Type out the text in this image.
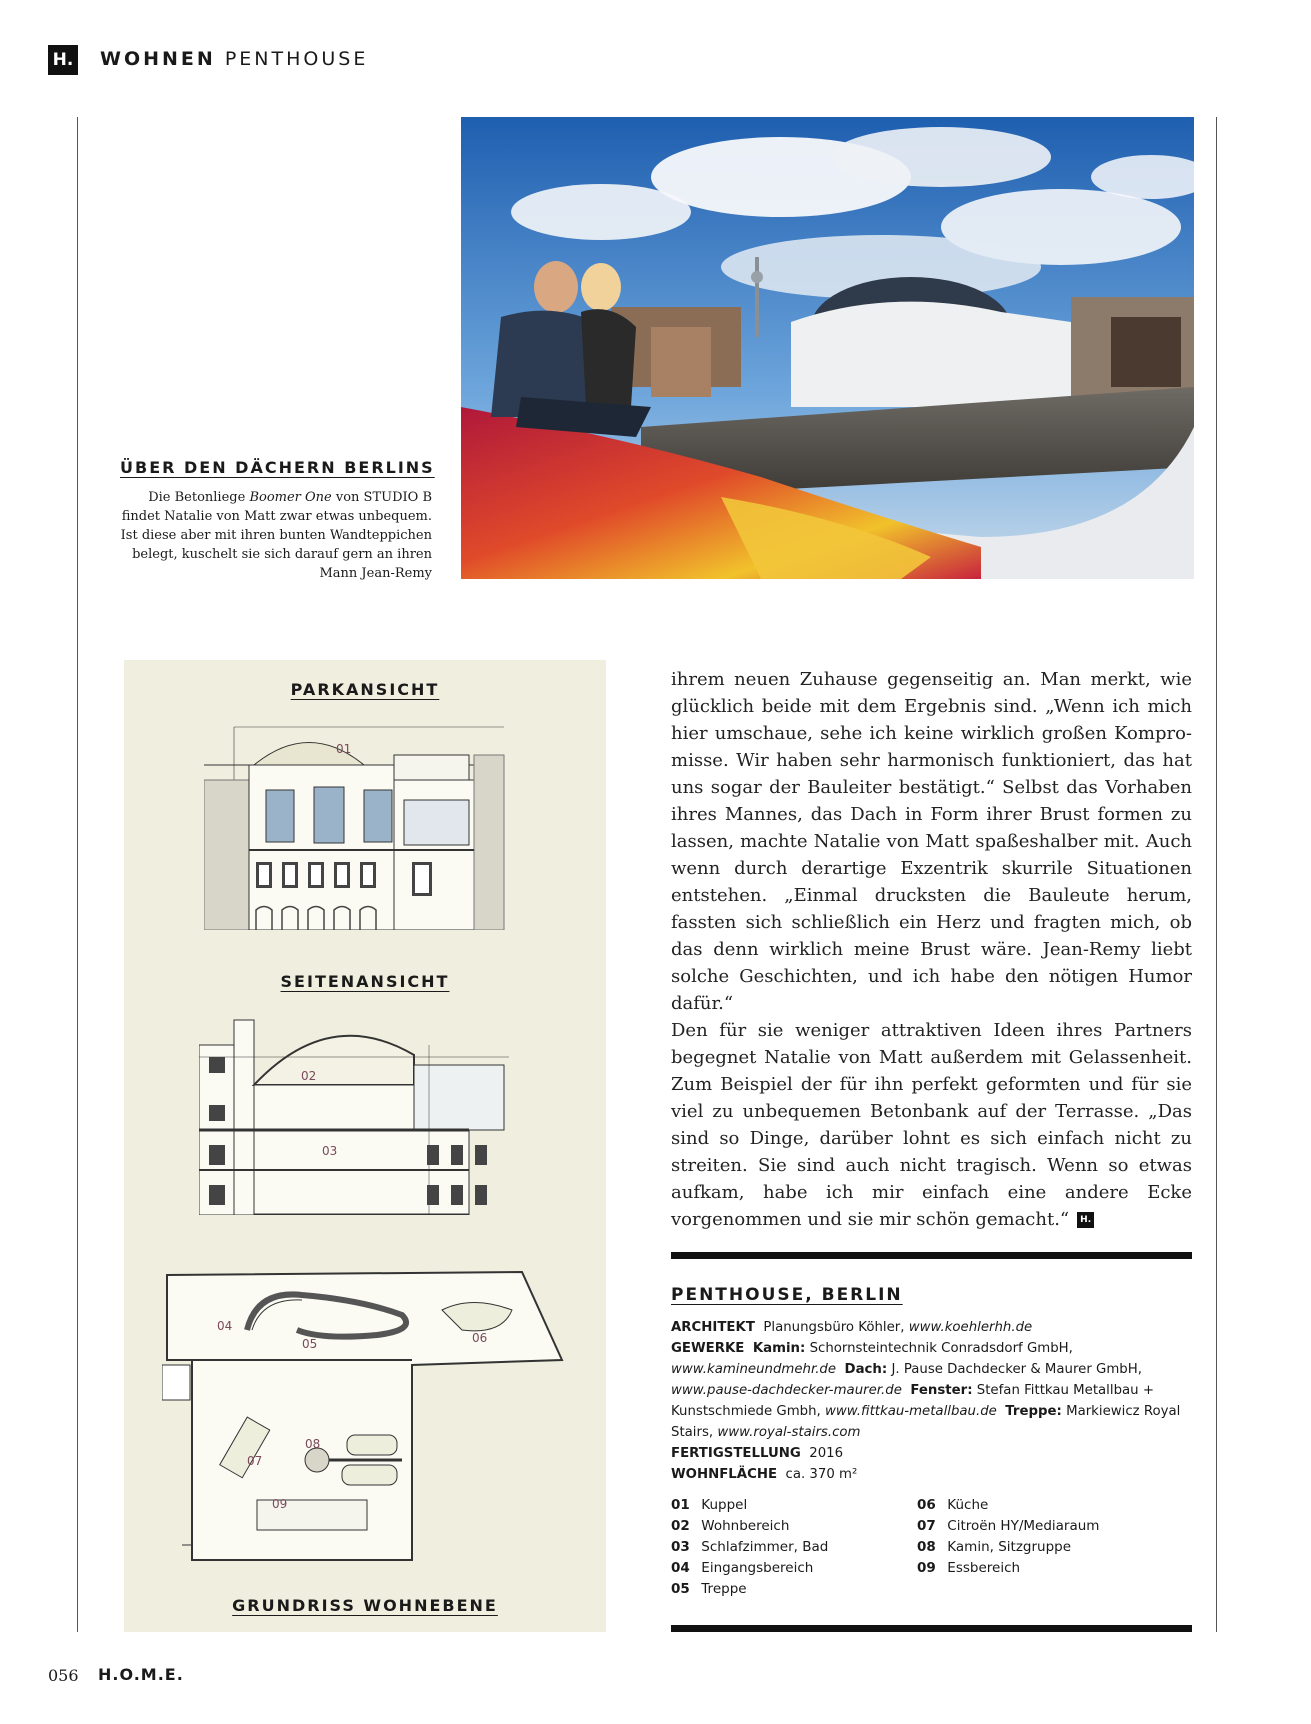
H. WOHNEN PENTHOUSE
ÜBER DEN DÄCHERN BERLINS
Die Betonliege Boomer One von STUDIO B findet Natalie von Matt zwar etwas unbequem. Ist diese aber mit ihren bunten Wandteppichen belegt, kuschelt sie sich darauf gern an ihren Mann Jean-Remy
PARKANSICHT
01
SEITENANSICHT
02
03
04
05	06
07
08
09
GRUNDRISS WOHNEBENE
ihrem neuen Zuhause gegenseitig an. Man merkt, wie glücklich beide mit dem Ergebnis sind. „Wenn ich mich hier umschaue, sehe ich keine wirklich großen Kompromisse. Wir haben sehr harmonisch funktioniert, das hat uns sogar der Bauleiter bestätigt.“ Selbst das Vorhaben ihres Mannes, das Dach in Form ihrer Brust formen zu lassen, machte Natalie von Matt spaßeshalber mit. Auch wenn durch derartige Exzentrik skurrile Situationen entstehen. „Einmal drucksten die Bauleute herum, fassten sich schließlich ein Herz und fragten mich, ob das denn wirklich meine Brust wäre. Jean-Remy liebt solche Geschichten, und ich habe den nötigen Humor dafür.“
Den für sie weniger attraktiven Ideen ihres Partners begegnet Natalie von Matt außerdem mit Gelassenheit. Zum Beispiel der für ihn perfekt geformten und für sie viel zu unbequemen Betonbank auf der Terrasse. „Das sind so Dinge, darüber lohnt es sich einfach nicht zu streiten. Sie sind auch nicht tragisch. Wenn so etwas aufkam, habe ich mir einfach eine andere Ecke vorgenommen und sie mir schön gemacht.“ H.
PENTHOUSE, BERLIN
ARCHITEKT Planungsbüro Köhler, www.koehlerhh.de
GEWERKE Kamin: Schornsteintechnik Conradsdorf GmbH, www.kamineundmehr.de Dach: J. Pause Dachdecker & Maurer GmbH, www.pause-dachdecker-maurer.de Fenster: Stefan Fittkau Metallbau + Kunstschmiede Gmbh, www.fittkau-metallbau.de Treppe: Markiewicz Royal Stairs, www.royal-stairs.com
FERTIGSTELLUNG 2016
WOHNFLÄCHE ca. 370 m²
01 Kuppel
02 Wohnbereich
03 Schlafzimmer, Bad
04 Eingangsbereich
05 Treppe
06 Küche
07 Citroën HY/Mediaraum
08 Kamin, Sitzgruppe
09 Essbereich
056 H.O.M.E.
